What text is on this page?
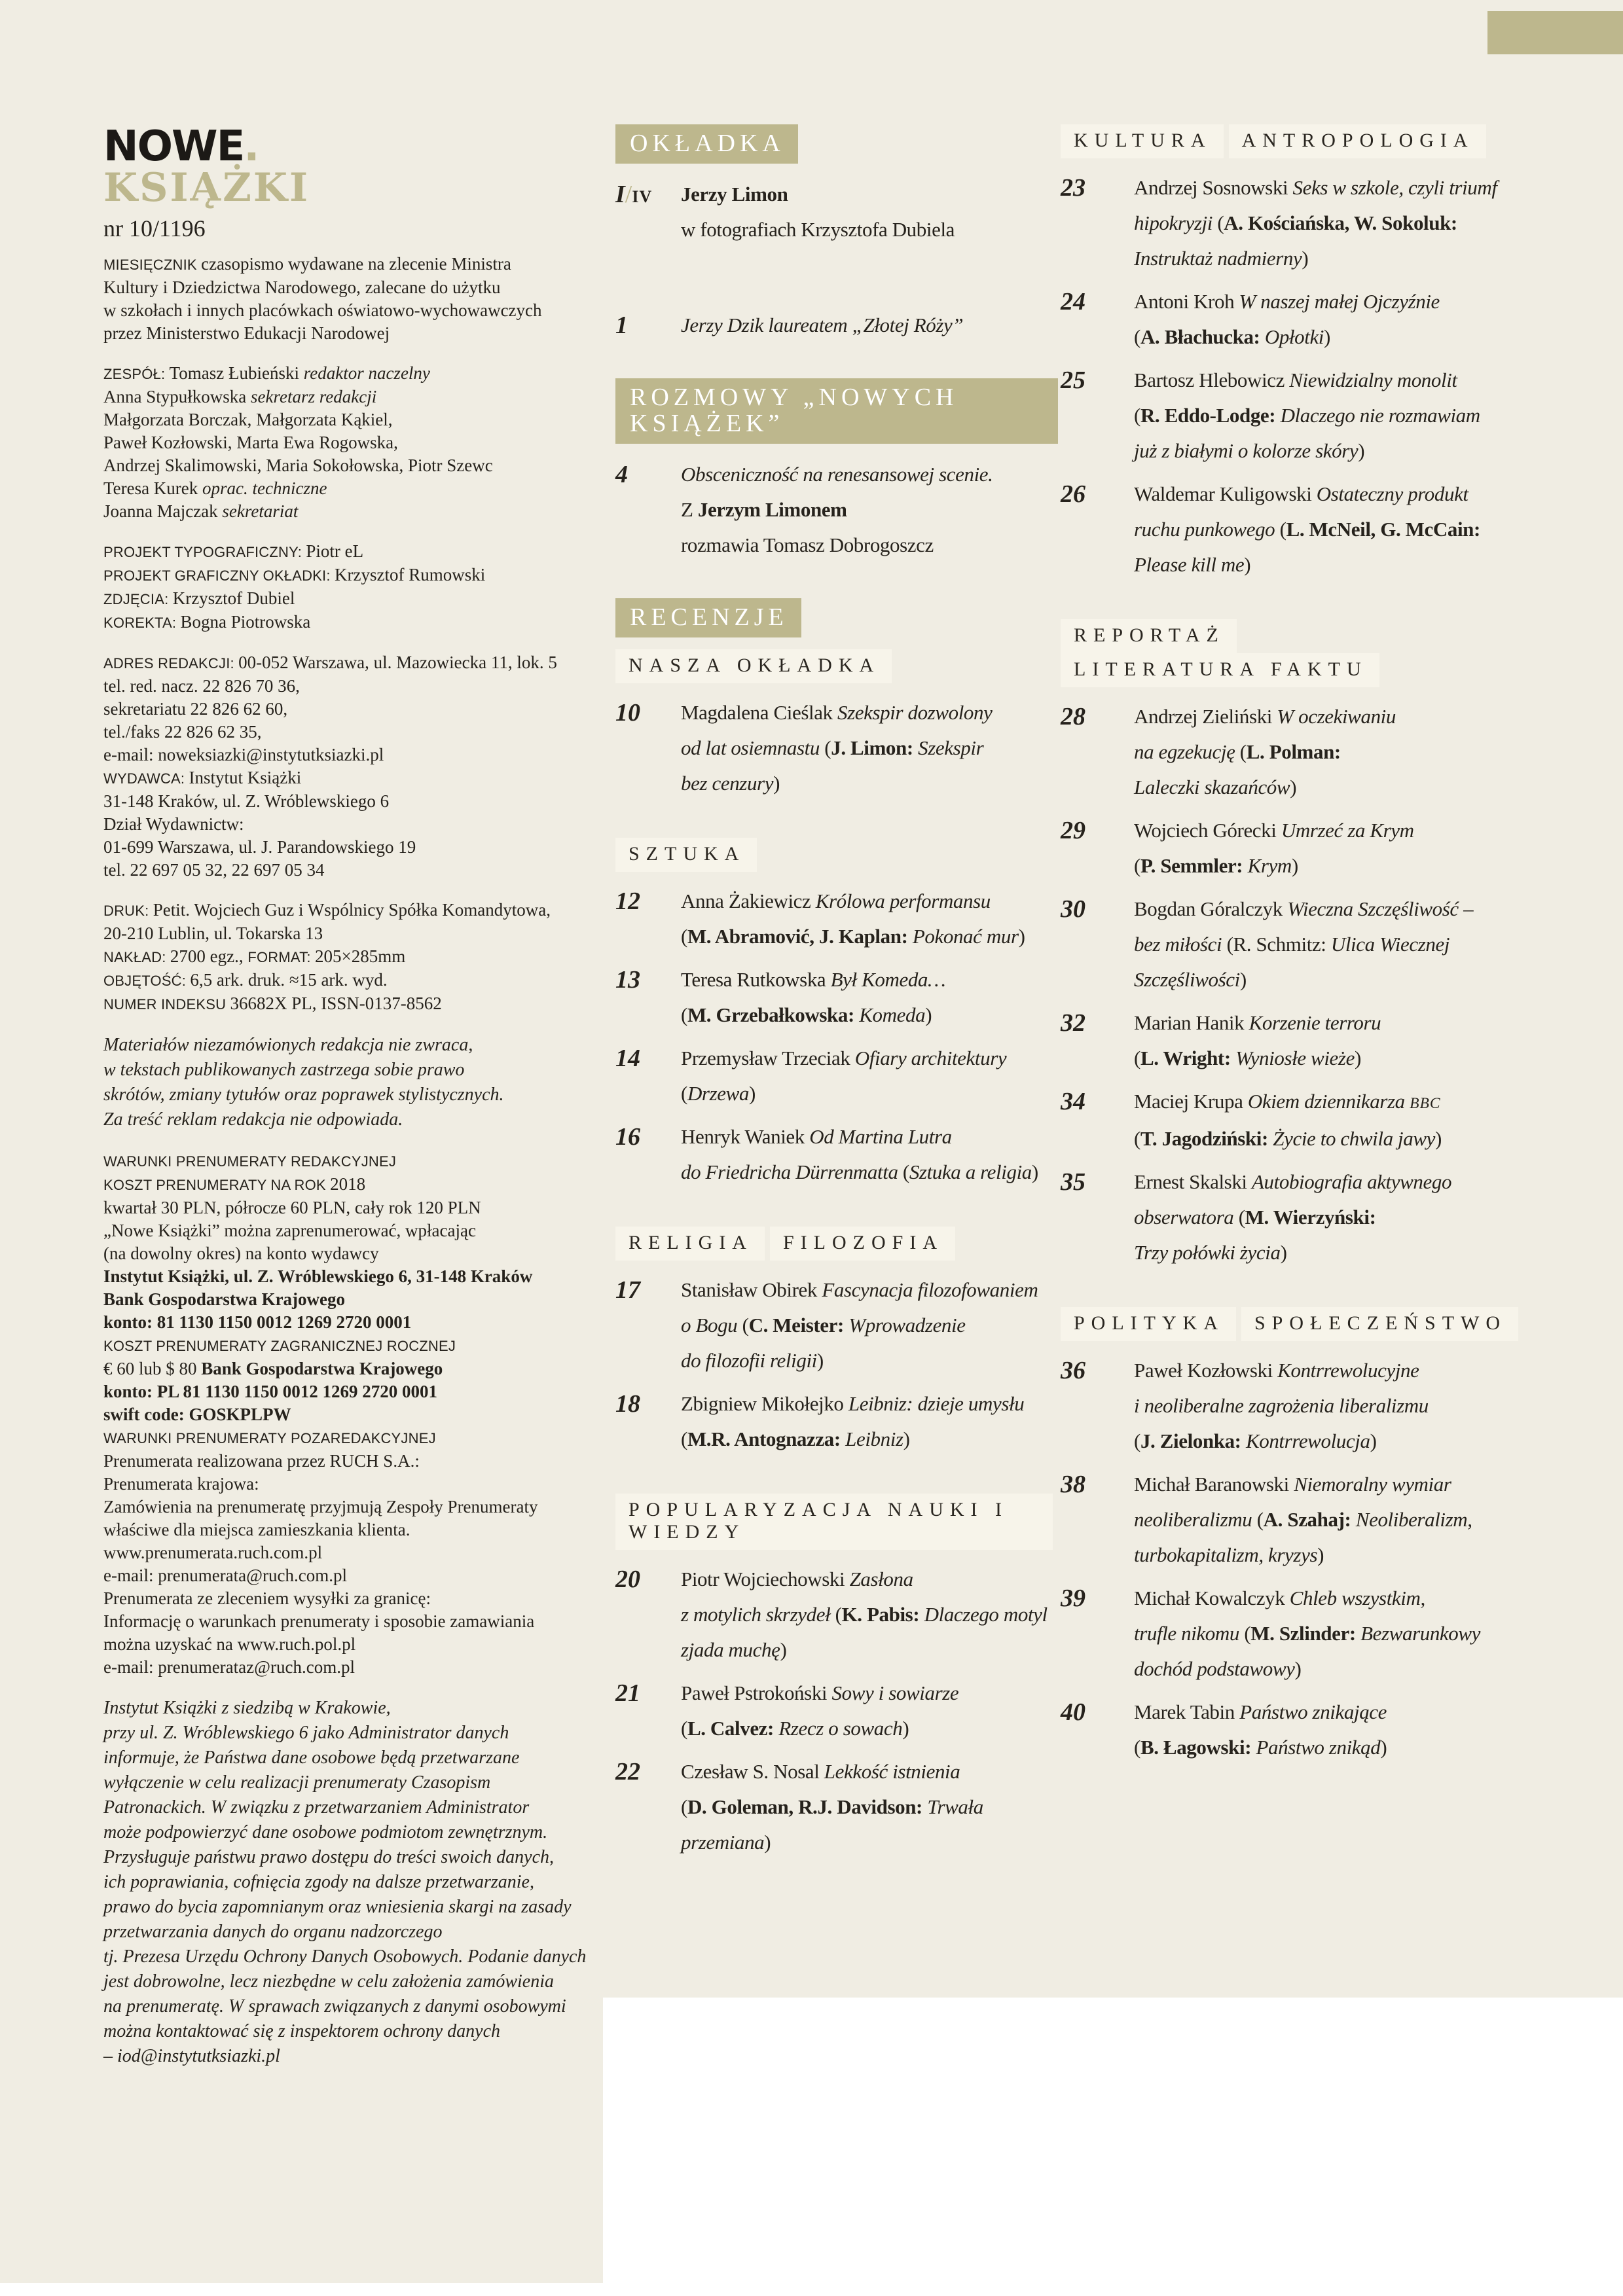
NOWE.
KSIĄŻKI
nr 10/1196

MIESIĘCZNIK czasopismo wydawane na zlecenie Ministra
Kultury i Dziedzictwa Narodowego, zalecane do użytku
w szkołach i innych placówkach oświatowo-wychowawczych
przez Ministerstwo Edukacji Narodowej

ZESPÓŁ: Tomasz Łubieński redaktor naczelny
Anna Stypułkowska sekretarz redakcji
Małgorzata Borczak, Małgorzata Kąkiel,
Paweł Kozłowski, Marta Ewa Rogowska,
Andrzej Skalimowski, Maria Sokołowska, Piotr Szewc
Teresa Kurek oprac. techniczne
Joanna Majczak sekretariat

PROJEKT TYPOGRAFICZNY: Piotr eL
PROJEKT GRAFICZNY OKŁADKI: Krzysztof Rumowski
ZDJĘCIA: Krzysztof Dubiel
KOREKTA: Bogna Piotrowska

ADRES REDAKCJI: 00-052 Warszawa, ul. Mazowiecka 11, lok. 5
tel. red. nacz. 22 826 70 36,
sekretariatu 22 826 62 60,
tel./faks 22 826 62 35,
e-mail: noweksiazki@instytutksiazki.pl
WYDAWCA: Instytut Książki
31-148 Kraków, ul. Z. Wróblewskiego 6
Dział Wydawnictw:
01-699 Warszawa, ul. J. Parandowskiego 19
tel. 22 697 05 32, 22 697 05 34

DRUK: Petit. Wojciech Guz i Wspólnicy Spółka Komandytowa,
20-210 Lublin, ul. Tokarska 13
NAKŁAD: 2700 egz., FORMAT: 205×285mm
OBJĘTOŚĆ: 6,5 ark. druk. ≈15 ark. wyd.
NUMER INDEKSU 36682X PL, ISSN-0137-8562

Materiałów niezamówionych redakcja nie zwraca,
w tekstach publikowanych zastrzega sobie prawo
skrótów, zmiany tytułów oraz poprawek stylistycznych.
Za treść reklam redakcja nie odpowiada.

WARUNKI PRENUMERATY REDAKCYJNEJ
KOSZT PRENUMERATY NA ROK 2018
kwartał 30 PLN, półrocze 60 PLN, cały rok 120 PLN
„Nowe Książki” można zaprenumerować, wpłacając
(na dowolny okres) na konto wydawcy
Instytut Książki, ul. Z. Wróblewskiego 6, 31-148 Kraków
Bank Gospodarstwa Krajowego
konto: 81 1130 1150 0012 1269 2720 0001
KOSZT PRENUMERATY ZAGRANICZNEJ ROCZNEJ
€ 60 lub $ 80 Bank Gospodarstwa Krajowego
konto: PL 81 1130 1150 0012 1269 2720 0001
swift code: GOSKPLPW
WARUNKI PRENUMERATY POZAREDAKCYJNEJ
Prenumerata realizowana przez RUCH S.A.:
Prenumerata krajowa:
Zamówienia na prenumeratę przyjmują Zespoły Prenumeraty
właściwe dla miejsca zamieszkania klienta.
www.prenumerata.ruch.com.pl
e-mail: prenumerata@ruch.com.pl
Prenumerata ze zleceniem wysyłki za granicę:
Informację o warunkach prenumeraty i sposobie zamawiania
można uzyskać na www.ruch.pol.pl
e-mail: prenumerataz@ruch.com.pl

Instytut Książki z siedzibą w Krakowie,
przy ul. Z. Wróblewskiego 6 jako Administrator danych
informuje, że Państwa dane osobowe będą przetwarzane
wyłączenie w celu realizacji prenumeraty Czasopism
Patronackich. W związku z przetwarzaniem Administrator
może podpowierzyć dane osobowe podmiotom zewnętrznym.
Przysługuje państwu prawo dostępu do treści swoich danych,
ich poprawiania, cofnięcia zgody na dalsze przetwarzanie,
prawo do bycia zapomnianym oraz wniesienia skargi na zasady
przetwarzania danych do organu nadzorczego
tj. Prezesa Urzędu Ochrony Danych Osobowych. Podanie danych
jest dobrowolne, lecz niezbędne w celu założenia zamówienia
na prenumeratę. W sprawach związanych z danymi osobowymi
można kontaktować się z inspektorem ochrony danych
– iod@instytutksiazki.pl

OKŁADKA
I/IV	Jerzy Limon
w fotografiach Krzysztofa Dubiela
1	Jerzy Dzik laureatem „Złotej Róży”
ROZMOWY „NOWYCH KSIĄŻEK”
4	Obsceniczność na renesansowej scenie.
Z Jerzym Limonem
rozmawia Tomasz Dobrogoszcz
RECENZJE
NASZA OKŁADKA
10	Magdalena Cieślak Szekspir dozwolony
od lat osiemnastu (J. Limon: Szekspir
bez cenzury)
SZTUKA
12	Anna Żakiewicz Królowa performansu
(M. Abramović, J. Kaplan: Pokonać mur)
13	Teresa Rutkowska Był Komeda…
(M. Grzebałkowska: Komeda)
14	Przemysław Trzeciak Ofiary architektury
(Drzewa)
16	Henryk Waniek Od Martina Lutra
do Friedricha Dürrenmatta (Sztuka a religia)
RELIGIA FILOZOFIA
17	Stanisław Obirek Fascynacja filozofowaniem
o Bogu (C. Meister: Wprowadzenie
do filozofii religii)
18	Zbigniew Mikołejko Leibniz: dzieje umysłu
(M.R. Antognazza: Leibniz)
POPULARYZACJA NAUKI I WIEDZY
20	Piotr Wojciechowski Zasłona
z motylich skrzydeł (K. Pabis: Dlaczego motyl
zjada muchę)
21	Paweł Pstrokoński Sowy i sowiarze
(L. Calvez: Rzecz o sowach)
22	Czesław S. Nosal Lekkość istnienia
(D. Goleman, R.J. Davidson: Trwała
przemiana)
KULTURA ANTROPOLOGIA
23	Andrzej Sosnowski Seks w szkole, czyli triumf
hipokryzji (A. Kościańska, W. Sokoluk:
Instruktaż nadmierny)
24	Antoni Kroh W naszej małej Ojczyźnie
(A. Błachucka: Opłotki)
25	Bartosz Hlebowicz Niewidzialny monolit
(R. Eddo-Lodge: Dlaczego nie rozmawiam
już z białymi o kolorze skóry)
26	Waldemar Kuligowski Ostateczny produkt
ruchu punkowego (L. McNeil, G. McCain:
Please kill me)
REPORTAŻLITERATURA FAKTU
28	Andrzej Zieliński W oczekiwaniu
na egzekucję (L. Polman:
Laleczki skazańców)
29	Wojciech Górecki Umrzeć za Krym
(P. Semmler: Krym)
30	Bogdan Góralczyk Wieczna Szczęśliwość –
bez miłości (R. Schmitz: Ulica Wiecznej
Szczęśliwości)
32	Marian Hanik Korzenie terroru
(L. Wright: Wyniosłe wieże)
34	Maciej Krupa Okiem dziennikarza BBC
(T. Jagodziński: Życie to chwila jawy)
35	Ernest Skalski Autobiografia aktywnego
obserwatora (M. Wierzyński:
Trzy połówki życia)
POLITYKA SPOŁECZEŃSTWO
36	Paweł Kozłowski Kontrrewolucyjne
i neoliberalne zagrożenia liberalizmu
(J. Zielonka: Kontrrewolucja)
38	Michał Baranowski Niemoralny wymiar
neoliberalizmu (A. Szahaj: Neoliberalizm,
turbokapitalizm, kryzys)
39	Michał Kowalczyk Chleb wszystkim,
trufle nikomu (M. Szlinder: Bezwarunkowy
dochód podstawowy)
40	Marek Tabin Państwo znikające
(B. Łagowski: Państwo znikąd)
